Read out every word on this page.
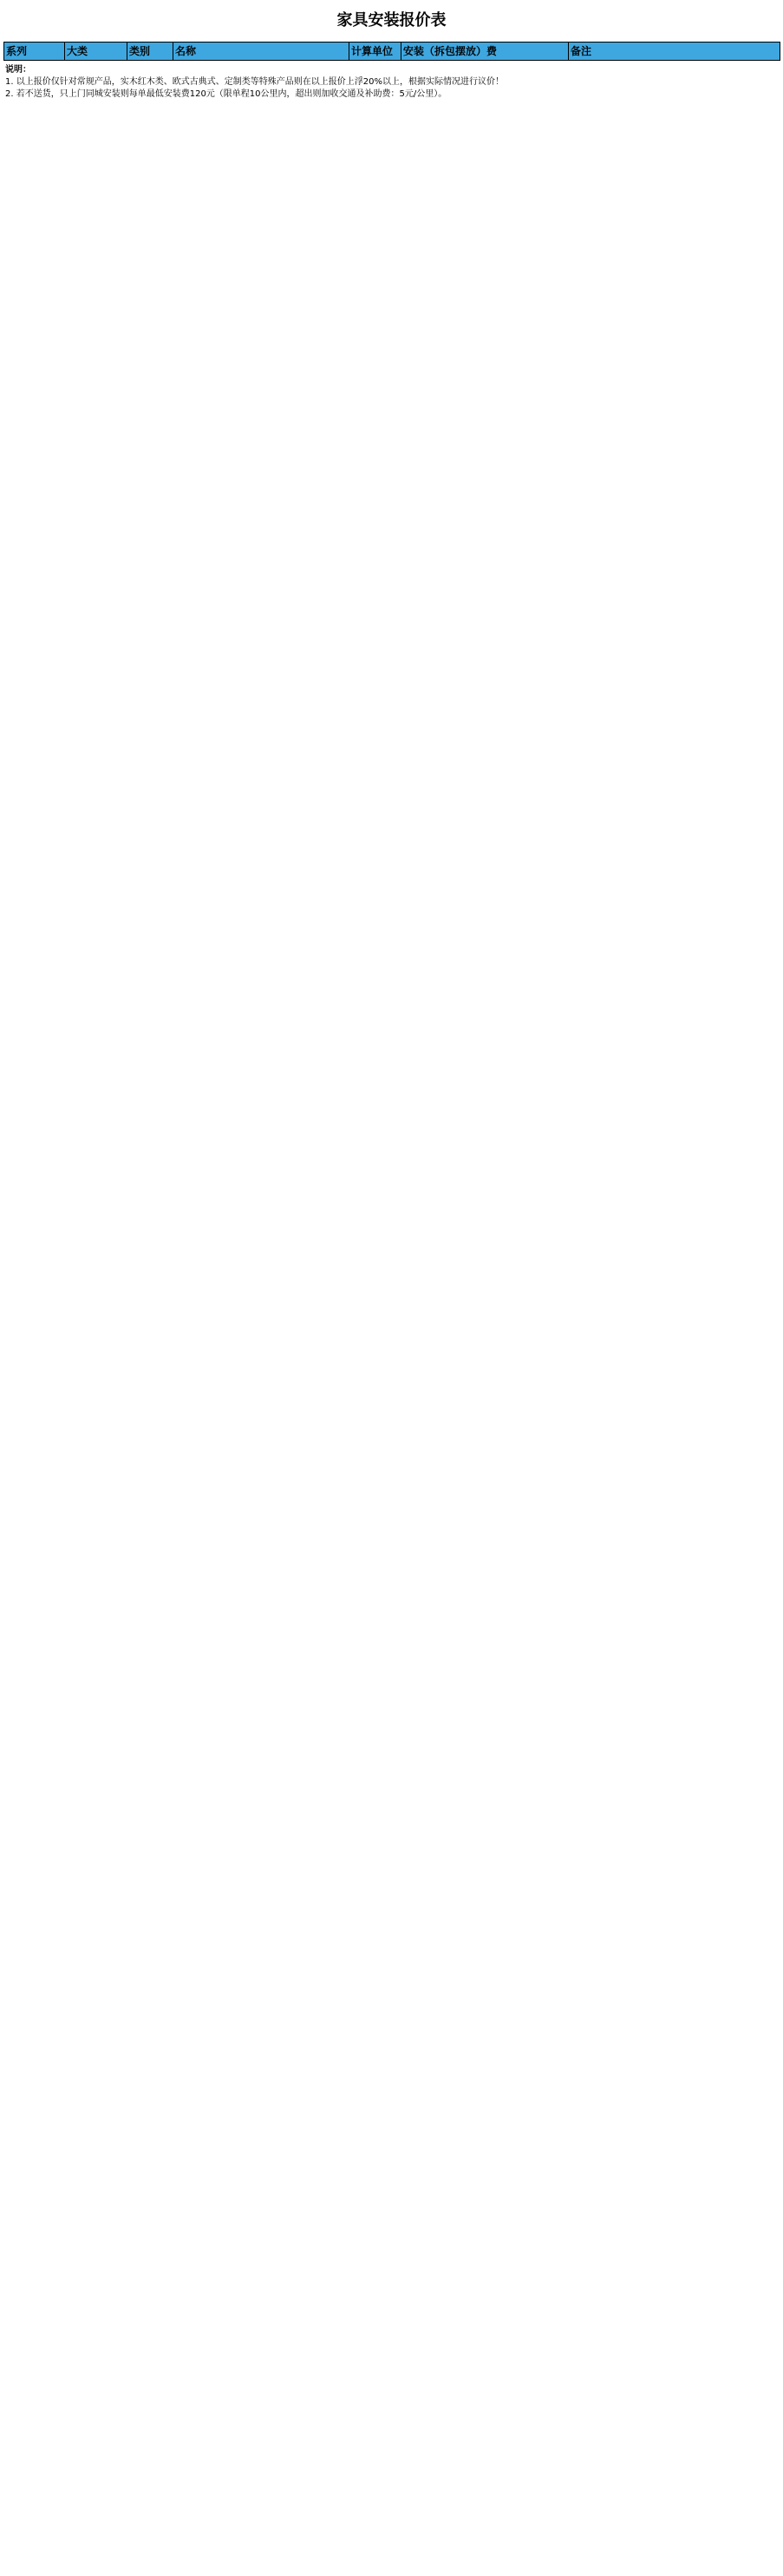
家具安装报价表
系列	大类	类别	名称	计算单位	安装（拆包摆放）费	备注
说明：
1. 以上报价仅针对常规产品，实木红木类、欧式古典式、定制类等特殊产品则在以上报价上浮20%以上，根据实际情况进行议价！
2. 若不送货，只上门同城安装则每单最低安装费120元（限单程10公里内，超出则加收交通及补助费：5元/公里）。
